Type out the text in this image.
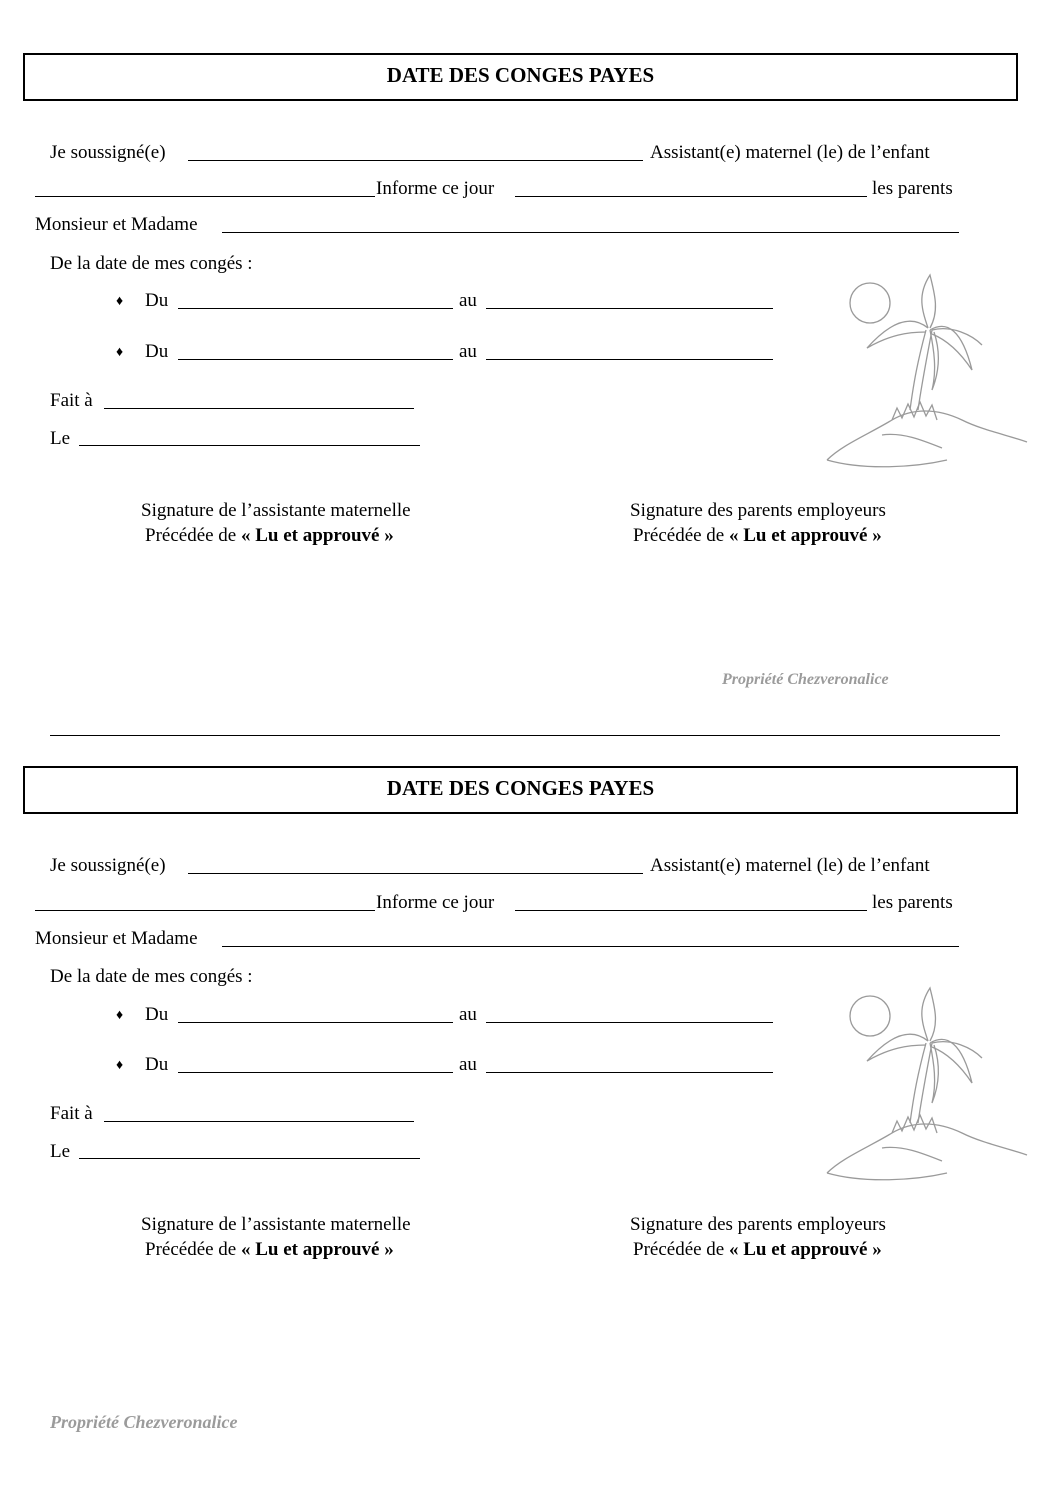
DATE DES CONGES PAYES
Je soussigné(e)	Assistant(e) maternel (le) de l’enfant
Informe ce jour	les parents
Monsieur et Madame
De la date de mes congés :
♦ Du	au
♦ Du	au
Fait à
Le
Signature de l’assistante maternelle
Précédée de « Lu et approuvé »
Signature des parents employeurs
Précédée de « Lu et approuvé »
Propriété Chezveronalice
DATE DES CONGES PAYES
Je soussigné(e)	Assistant(e) maternel (le) de l’enfant
Informe ce jour	les parents
Monsieur et Madame
De la date de mes congés :
♦ Du	au
♦ Du	au
Fait à
Le
Signature de l’assistante maternelle
Précédée de « Lu et approuvé »
Signature des parents employeurs
Précédée de « Lu et approuvé »
Propriété Chezveronalice
